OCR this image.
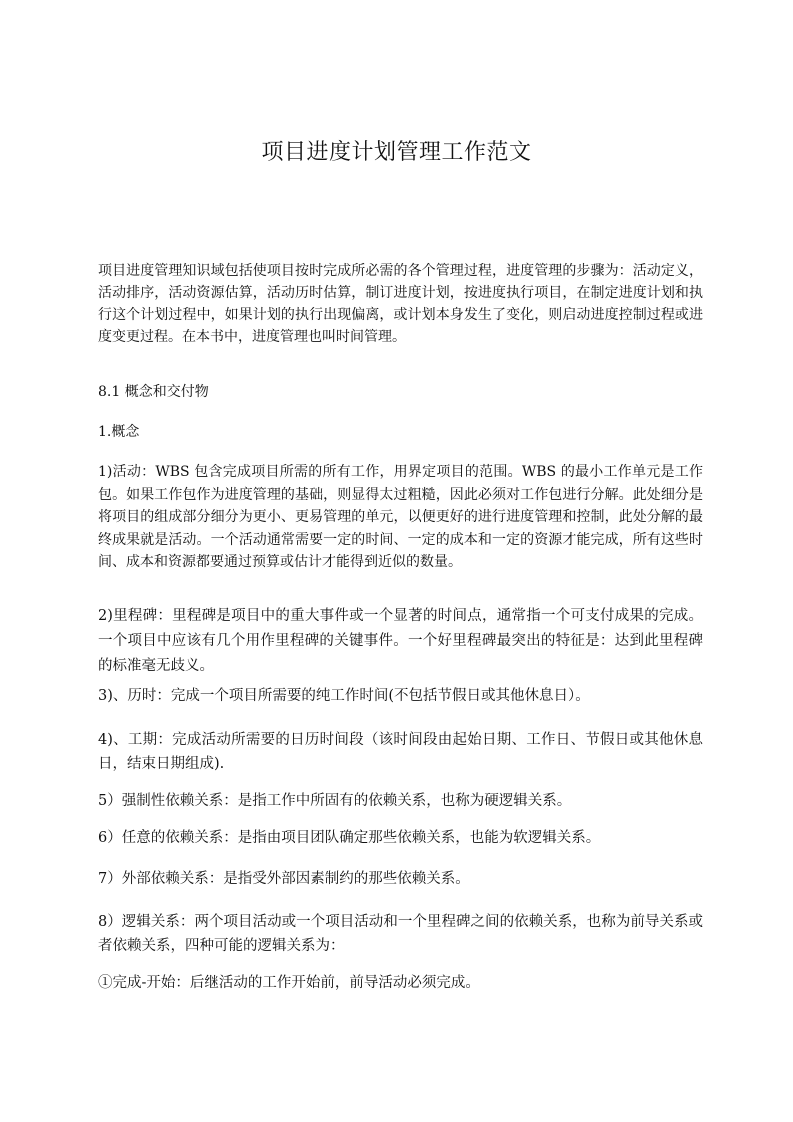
项目进度计划管理工作范文

项目进度管理知识域包括使项目按时完成所必需的各个管理过程，进度管理的步骤为：活动定义，活动排序，活动资源估算，活动历时估算，制订进度计划，按进度执行项目，在制定进度计划和执行这个计划过程中，如果计划的执行出现偏离，或计划本身发生了变化，则启动进度控制过程或进度变更过程。在本书中，进度管理也叫时间管理。

8.1 概念和交付物

1.概念

1)活动：WBS 包含完成项目所需的所有工作，用界定项目的范围。WBS 的最小工作单元是工作包。如果工作包作为进度管理的基础，则显得太过粗糙，因此必须对工作包进行分解。此处细分是将项目的组成部分细分为更小、更易管理的单元，以便更好的进行进度管理和控制，此处分解的最终成果就是活动。一个活动通常需要一定的时间、一定的成本和一定的资源才能完成，所有这些时间、成本和资源都要通过预算或估计才能得到近似的数量。

2)里程碑：里程碑是项目中的重大事件或一个显著的时间点，通常指一个可支付成果的完成。一个项目中应该有几个用作里程碑的关键事件。一个好里程碑最突出的特征是：达到此里程碑的标准毫无歧义。

3)、历时：完成一个项目所需要的纯工作时间(不包括节假日或其他休息日）。

4)、工期：完成活动所需要的日历时间段（该时间段由起始日期、工作日、节假日或其他休息日，结束日期组成).

5）强制性依赖关系：是指工作中所固有的依赖关系，也称为硬逻辑关系。

6）任意的依赖关系：是指由项目团队确定那些依赖关系，也能为软逻辑关系。

7）外部依赖关系：是指受外部因素制约的那些依赖关系。

8）逻辑关系：两个项目活动或一个项目活动和一个里程碑之间的依赖关系，也称为前导关系或者依赖关系，四种可能的逻辑关系为：

①完成-开始：后继活动的工作开始前，前导活动必须完成。
